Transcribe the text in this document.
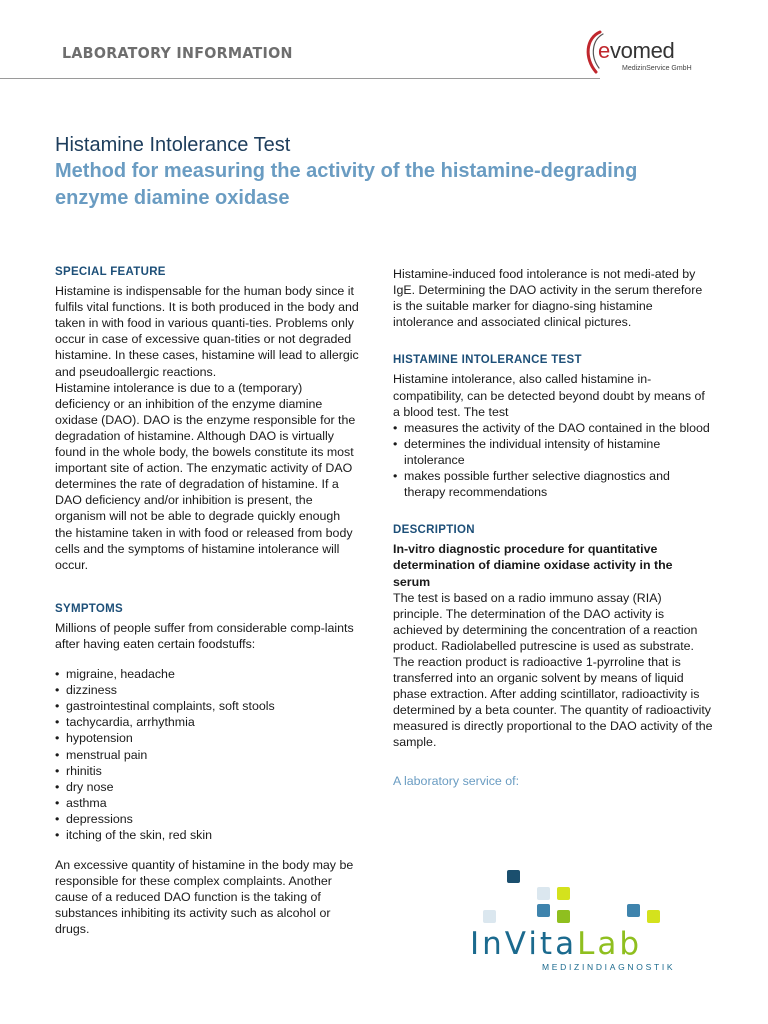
LABORATORY INFORMATION	evomed
MedizinService GmbH
Histamine Intolerance Test
Method for measuring the activity of the histamine-degrading enzyme diamine oxidase
SPECIAL FEATURE

Histamine is indispensable for the human body since it fulfils vital functions. It is both produced in the body and taken in with food in various quanti-ties. Problems only occur in case of excessive quan-tities or not degraded histamine. In these cases, histamine will lead to allergic and pseudoallergic reactions.

Histamine intolerance is due to a (temporary) deficiency or an inhibition of the enzyme diamine oxidase (DAO). DAO is the enzyme responsible for the degradation of histamine. Although DAO is virtually found in the whole body, the bowels constitute its most important site of action. The enzymatic activity of DAO determines the rate of degradation of histamine. If a DAO deficiency and/or inhibition is present, the organism will not be able to degrade quickly enough the histamine taken in with food or released from body cells and the symptoms of histamine intolerance will occur.

SYMPTOMS

Millions of people suffer from considerable comp-laints after having eaten certain foodstuffs:

• migraine, headache
• dizziness
• gastrointestinal complaints, soft stools
• tachycardia, arrhythmia
• hypotension
• menstrual pain
• rhinitis
• dry nose
• asthma
• depressions
• itching of the skin, red skin

An excessive quantity of histamine in the body may be responsible for these complex complaints. Another cause of a reduced DAO function is the taking of substances inhibiting its activity such as alcohol or drugs.

Histamine-induced food intolerance is not medi-ated by IgE. Determining the DAO activity in the serum therefore is the suitable marker for diagno-sing histamine intolerance and associated clinical pictures.

HISTAMINE INTOLERANCE TEST

Histamine intolerance, also called histamine in-compatibility, can be detected beyond doubt by means of a blood test. The test

• measures the activity of the DAO contained in the blood
• determines the individual intensity of histamine intolerance
• makes possible further selective diagnostics and therapy recommendations
DESCRIPTION

In-vitro diagnostic procedure for quantitative determination of diamine oxidase activity in the serum

The test is based on a radio immuno assay (RIA) principle. The determination of the DAO activity is achieved by determining the concentration of a reaction product. Radiolabelled putrescine is used as substrate. The reaction product is radioactive 1-pyrroline that is transferred into an organic solvent by means of liquid phase extraction. After adding scintillator, radioactivity is determined by a beta counter. The quantity of radioactivity measured is directly proportional to the DAO activity of the sample.

A laboratory service of:

InVitaLab
MEDIZINDIAGNOSTIK
